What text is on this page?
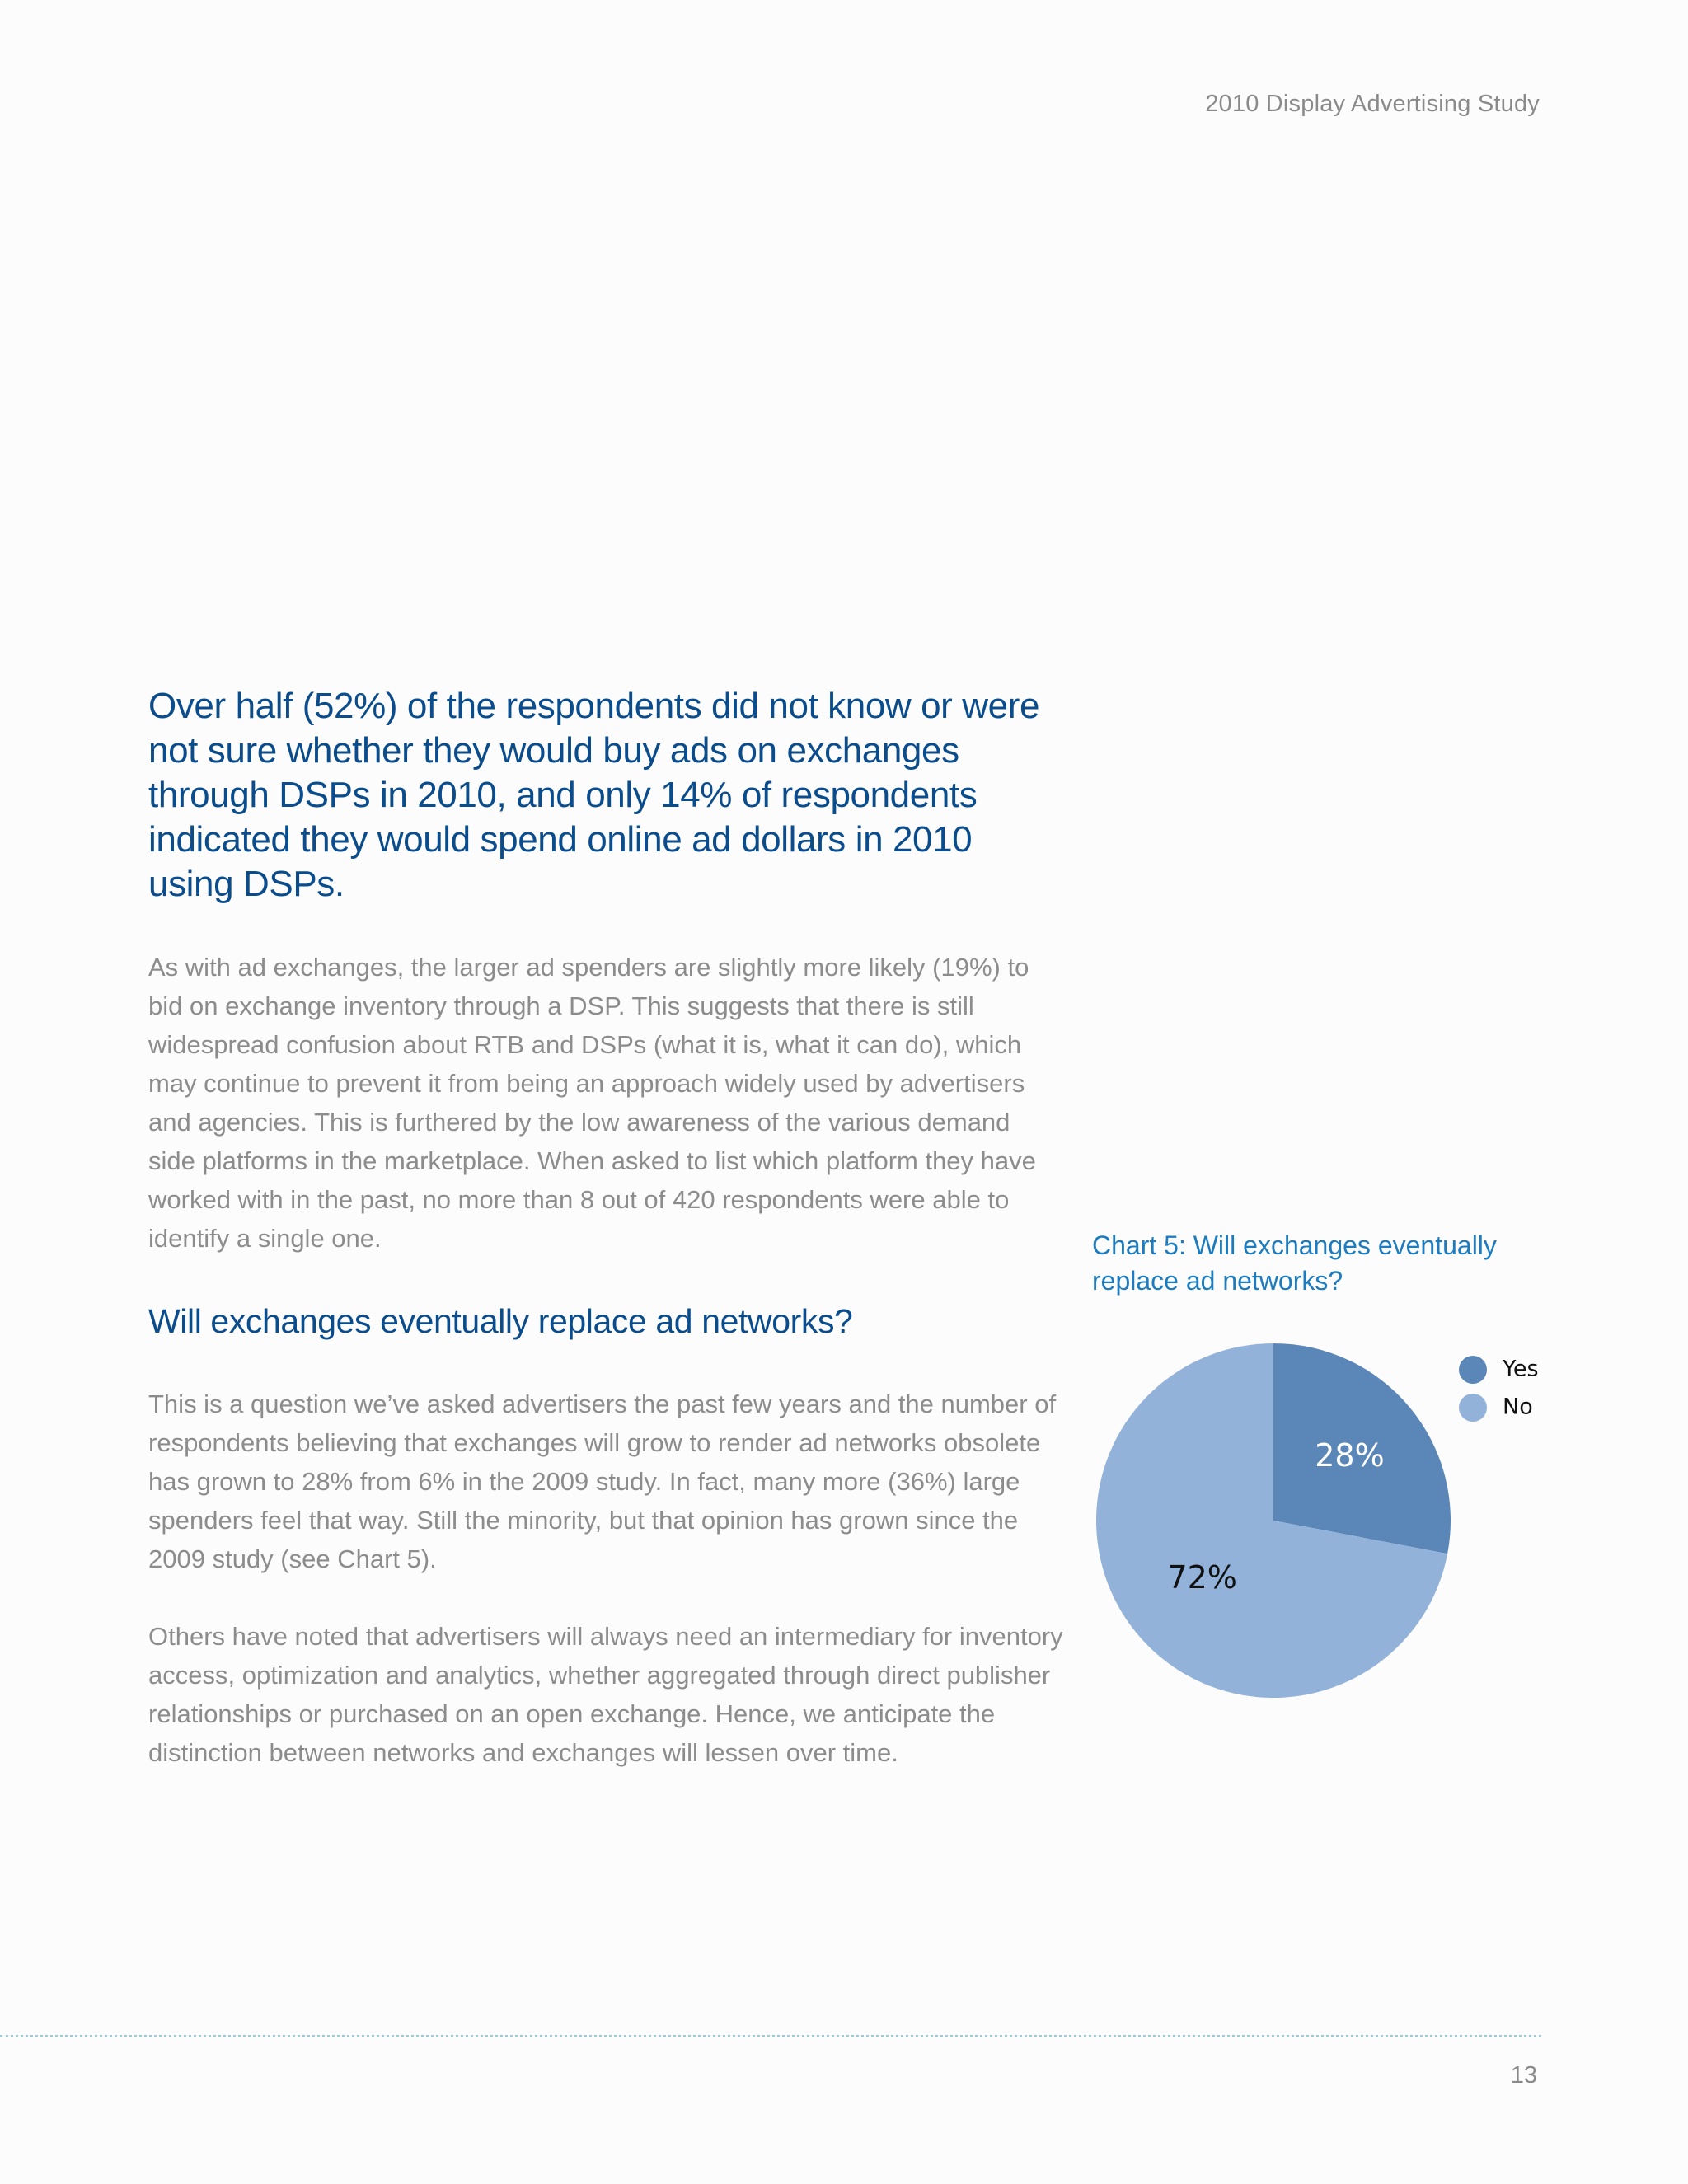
2010 Display Advertising Study
Over half (52%) of the respondents did not know or were not sure whether they would buy ads on exchanges through DSPs in 2010, and only 14% of respondents indicated they would spend online ad dollars in 2010 using DSPs.

As with ad exchanges, the larger ad spenders are slightly more likely (19%) to bid on exchange inventory through a DSP. This suggests that there is still widespread confusion about RTB and DSPs (what it is, what it can do), which may continue to prevent it from being an approach widely used by advertisers and agencies. This is furthered by the low awareness of the various demand side platforms in the marketplace. When asked to list which platform they have worked with in the past, no more than 8 out of 420 respondents were able to identify a single one.

Will exchanges eventually replace ad networks?

This is a question we’ve asked advertisers the past few years and the number of respondents believing that exchanges will grow to render ad networks obsolete has grown to 28% from 6% in the 2009 study. In fact, many more (36%) large spenders feel that way. Still the minority, but that opinion has grown since the 2009 study (see Chart 5).

Others have noted that advertisers will always need an intermediary for inventory access, optimization and analytics, whether aggregated through direct publisher relationships or purchased on an open exchange. Hence, we anticipate the distinction between networks and exchanges will lessen over time.

Chart 5: Will exchanges eventually replace ad networks?
28%
72%
Yes
No
13
